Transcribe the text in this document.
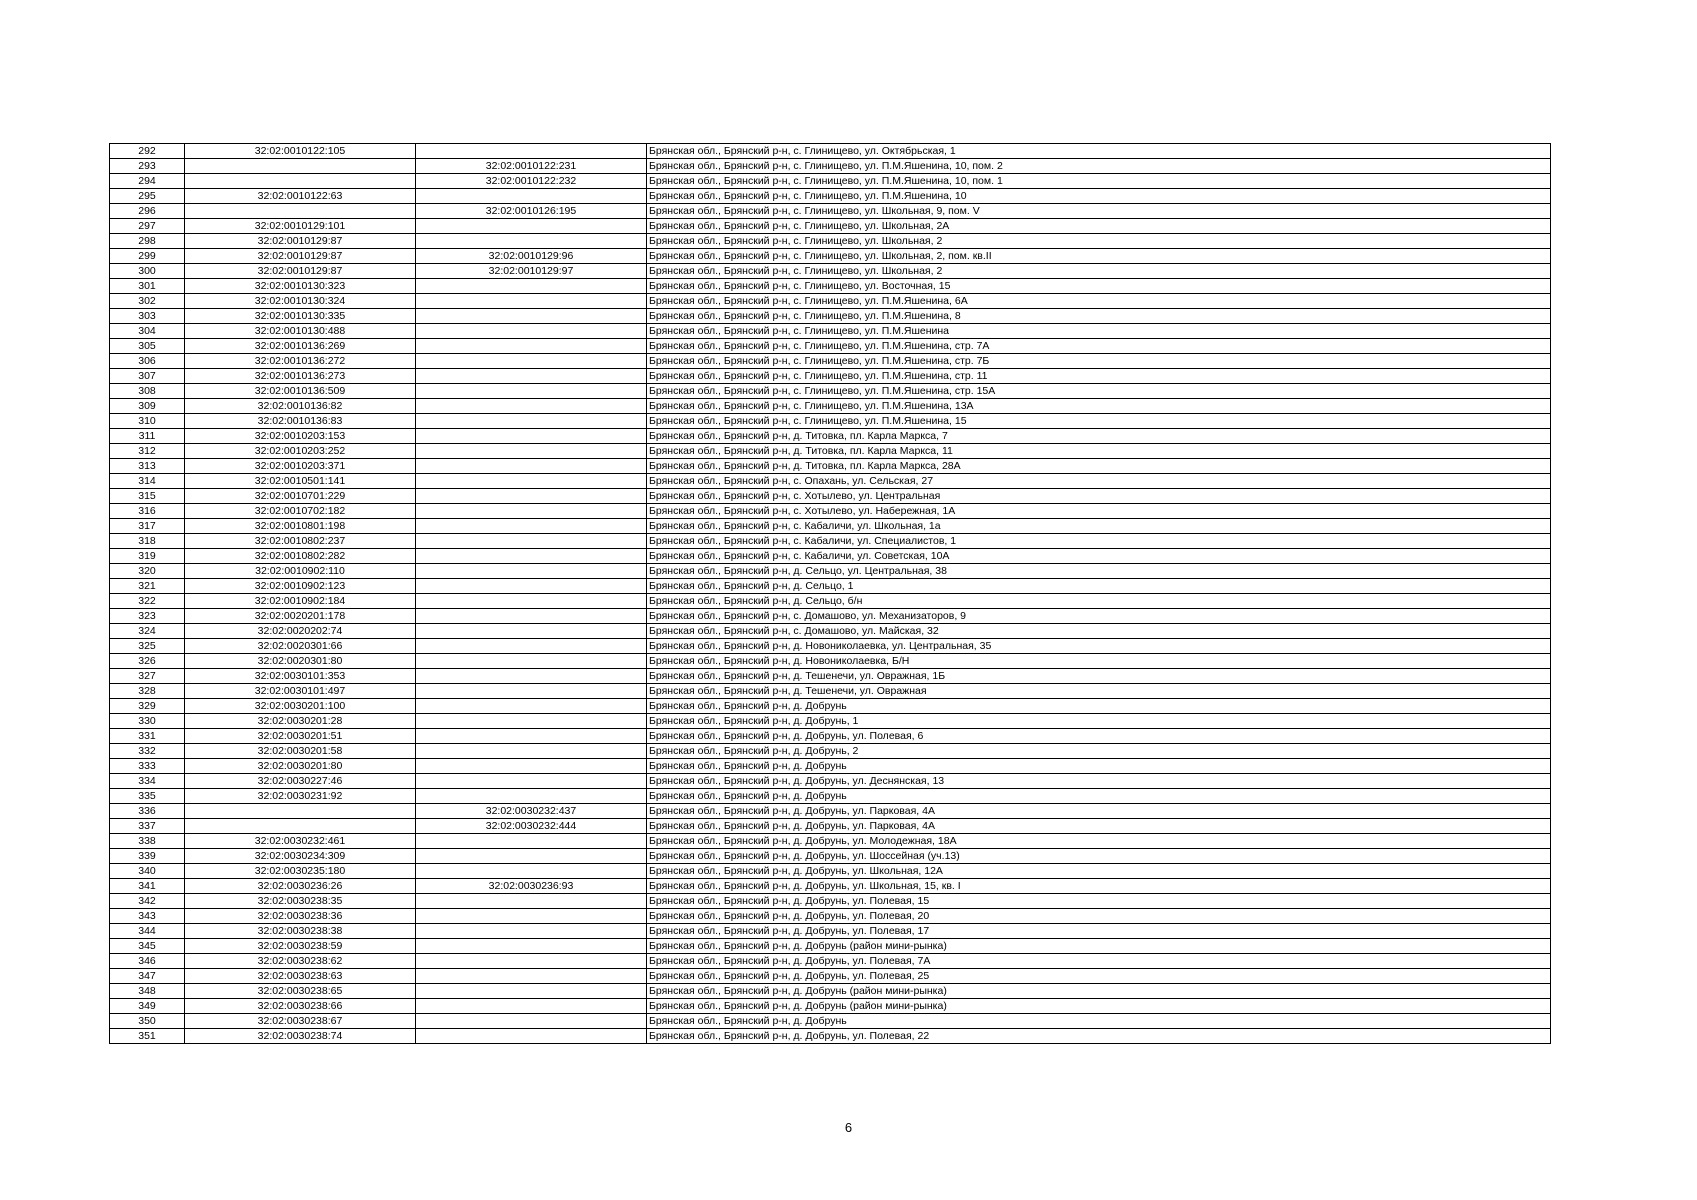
292	32:02:0010122:105		Брянская обл., Брянский р-н, с. Глинищево, ул. Октябрьская, 1
293		32:02:0010122:231	Брянская обл., Брянский р-н, с. Глинищево, ул. П.М.Яшенина, 10, пом. 2
294		32:02:0010122:232	Брянская обл., Брянский р-н, с. Глинищево, ул. П.М.Яшенина, 10, пом. 1
295	32:02:0010122:63		Брянская обл., Брянский р-н, с. Глинищево, ул. П.М.Яшенина, 10
296		32:02:0010126:195	Брянская обл., Брянский р-н, с. Глинищево, ул. Школьная, 9, пом. V
297	32:02:0010129:101		Брянская обл., Брянский р-н, с. Глинищево, ул. Школьная, 2А
298	32:02:0010129:87		Брянская обл., Брянский р-н, с. Глинищево, ул. Школьная, 2
299	32:02:0010129:87	32:02:0010129:96	Брянская обл., Брянский р-н, с. Глинищево, ул. Школьная, 2, пом. кв.II
300	32:02:0010129:87	32:02:0010129:97	Брянская обл., Брянский р-н, с. Глинищево, ул. Школьная, 2
301	32:02:0010130:323		Брянская обл., Брянский р-н, с. Глинищево, ул. Восточная, 15
302	32:02:0010130:324		Брянская обл., Брянский р-н, с. Глинищево, ул. П.М.Яшенина, 6А
303	32:02:0010130:335		Брянская обл., Брянский р-н, с. Глинищево, ул. П.М.Яшенина, 8
304	32:02:0010130:488		Брянская обл., Брянский р-н, с. Глинищево, ул. П.М.Яшенина
305	32:02:0010136:269		Брянская обл., Брянский р-н, с. Глинищево, ул. П.М.Яшенина, стр. 7А
306	32:02:0010136:272		Брянская обл., Брянский р-н, с. Глинищево, ул. П.М.Яшенина, стр. 7Б
307	32:02:0010136:273		Брянская обл., Брянский р-н, с. Глинищево, ул. П.М.Яшенина, стр. 11
308	32:02:0010136:509		Брянская обл., Брянский р-н, с. Глинищево, ул. П.М.Яшенина, стр. 15А
309	32:02:0010136:82		Брянская обл., Брянский р-н, с. Глинищево, ул. П.М.Яшенина, 13А
310	32:02:0010136:83		Брянская обл., Брянский р-н, с. Глинищево, ул. П.М.Яшенина, 15
311	32:02:0010203:153		Брянская обл., Брянский р-н, д. Титовка, пл. Карла Маркса, 7
312	32:02:0010203:252		Брянская обл., Брянский р-н, д. Титовка, пл. Карла Маркса, 11
313	32:02:0010203:371		Брянская обл., Брянский р-н, д. Титовка, пл. Карла Маркса, 28А
314	32:02:0010501:141		Брянская обл., Брянский р-н, с. Опахань, ул. Сельская, 27
315	32:02:0010701:229		Брянская обл., Брянский р-н, с. Хотылево, ул. Центральная
316	32:02:0010702:182		Брянская обл., Брянский р-н, с. Хотылево, ул. Набережная, 1А
317	32:02:0010801:198		Брянская обл., Брянский р-н, с. Кабаличи, ул. Школьная, 1а
318	32:02:0010802:237		Брянская обл., Брянский р-н, с. Кабаличи, ул. Специалистов, 1
319	32:02:0010802:282		Брянская обл., Брянский р-н, с. Кабаличи, ул. Советская, 10А
320	32:02:0010902:110		Брянская обл., Брянский р-н, д. Сельцо, ул. Центральная, 38
321	32:02:0010902:123		Брянская обл., Брянский р-н, д. Сельцо, 1
322	32:02:0010902:184		Брянская обл., Брянский р-н, д. Сельцо, б/н
323	32:02:0020201:178		Брянская обл., Брянский р-н, с. Домашово, ул. Механизаторов, 9
324	32:02:0020202:74		Брянская обл., Брянский р-н, с. Домашово, ул. Майская, 32
325	32:02:0020301:66		Брянская обл., Брянский р-н, д. Новониколаевка, ул. Центральная, 35
326	32:02:0020301:80		Брянская обл., Брянский р-н, д. Новониколаевка, Б/Н
327	32:02:0030101:353		Брянская обл., Брянский р-н, д. Тешенечи, ул. Овражная, 1Б
328	32:02:0030101:497		Брянская обл., Брянский р-н, д. Тешенечи, ул. Овражная
329	32:02:0030201:100		Брянская обл., Брянский р-н, д. Добрунь
330	32:02:0030201:28		Брянская обл., Брянский р-н, д. Добрунь, 1
331	32:02:0030201:51		Брянская обл., Брянский р-н, д. Добрунь, ул. Полевая, 6
332	32:02:0030201:58		Брянская обл., Брянский р-н, д. Добрунь, 2
333	32:02:0030201:80		Брянская обл., Брянский р-н, д. Добрунь
334	32:02:0030227:46		Брянская обл., Брянский р-н, д. Добрунь, ул. Деснянская, 13
335	32:02:0030231:92		Брянская обл., Брянский р-н, д. Добрунь
336		32:02:0030232:437	Брянская обл., Брянский р-н, д. Добрунь, ул. Парковая, 4А
337		32:02:0030232:444	Брянская обл., Брянский р-н, д. Добрунь, ул. Парковая, 4А
338	32:02:0030232:461		Брянская обл., Брянский р-н, д. Добрунь, ул. Молодежная, 18А
339	32:02:0030234:309		Брянская обл., Брянский р-н, д. Добрунь, ул. Шоссейная (уч.13)
340	32:02:0030235:180		Брянская обл., Брянский р-н, д. Добрунь, ул. Школьная, 12А
341	32:02:0030236:26	32:02:0030236:93	Брянская обл., Брянский р-н, д. Добрунь, ул. Школьная, 15, кв. I
342	32:02:0030238:35		Брянская обл., Брянский р-н, д. Добрунь, ул. Полевая, 15
343	32:02:0030238:36		Брянская обл., Брянский р-н, д. Добрунь, ул. Полевая, 20
344	32:02:0030238:38		Брянская обл., Брянский р-н, д. Добрунь, ул. Полевая, 17
345	32:02:0030238:59		Брянская обл., Брянский р-н, д. Добрунь (район мини-рынка)
346	32:02:0030238:62		Брянская обл., Брянский р-н, д. Добрунь, ул. Полевая, 7А
347	32:02:0030238:63		Брянская обл., Брянский р-н, д. Добрунь, ул. Полевая, 25
348	32:02:0030238:65		Брянская обл., Брянский р-н, д. Добрунь (район мини-рынка)
349	32:02:0030238:66		Брянская обл., Брянский р-н, д. Добрунь (район мини-рынка)
350	32:02:0030238:67		Брянская обл., Брянский р-н, д. Добрунь
351	32:02:0030238:74		Брянская обл., Брянский р-н, д. Добрунь, ул. Полевая, 22
6
